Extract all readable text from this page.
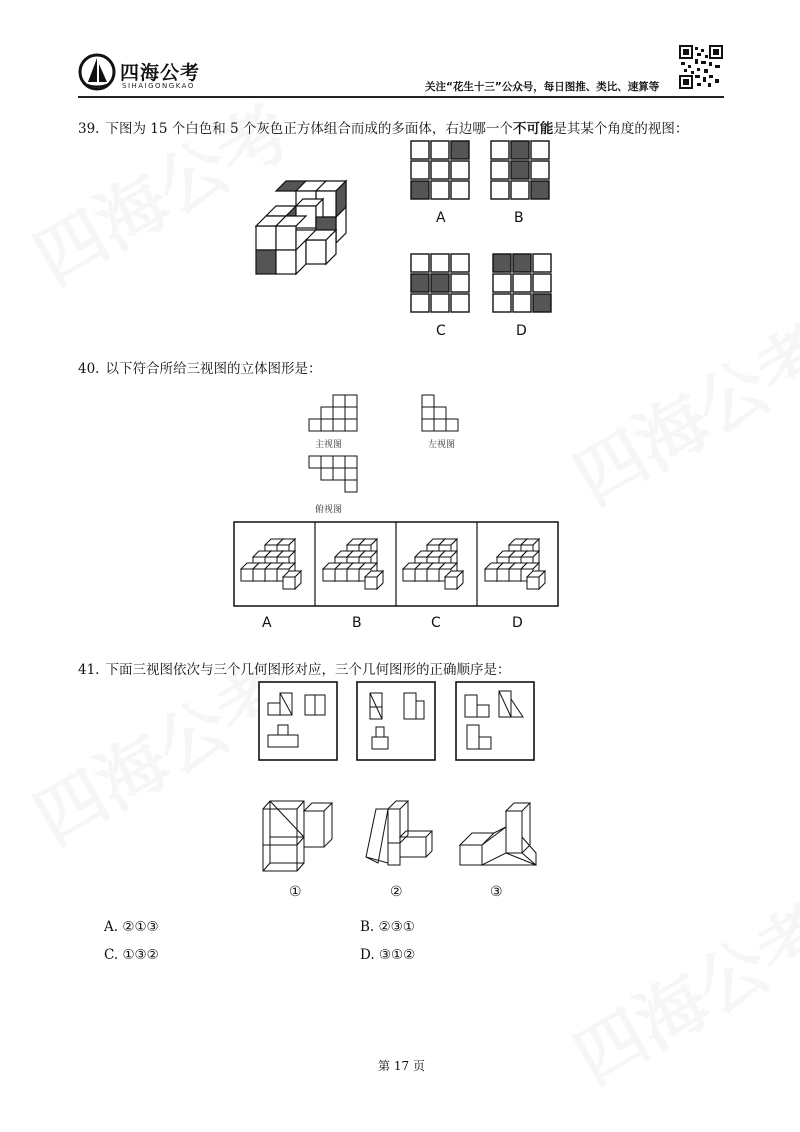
四海公考
SIHAIGONGKAO	关注“花生十三”公众号，每日图推、类比、速算等
39. 下图为 15 个白色和 5 个灰色正方体组合而成的多面体，右边哪一个不可能是其某个角度的视图：
A	B
C	D
40. 以下符合所给三视图的立体图形是：
主视图	左视图
俯视图
A	B	C	D
41. 下面三视图依次与三个几何图形对应，三个几何图形的正确顺序是：
①	②	③
A. ②①③	B. ②③①
C. ①③②	D. ③①②
第 17 页
